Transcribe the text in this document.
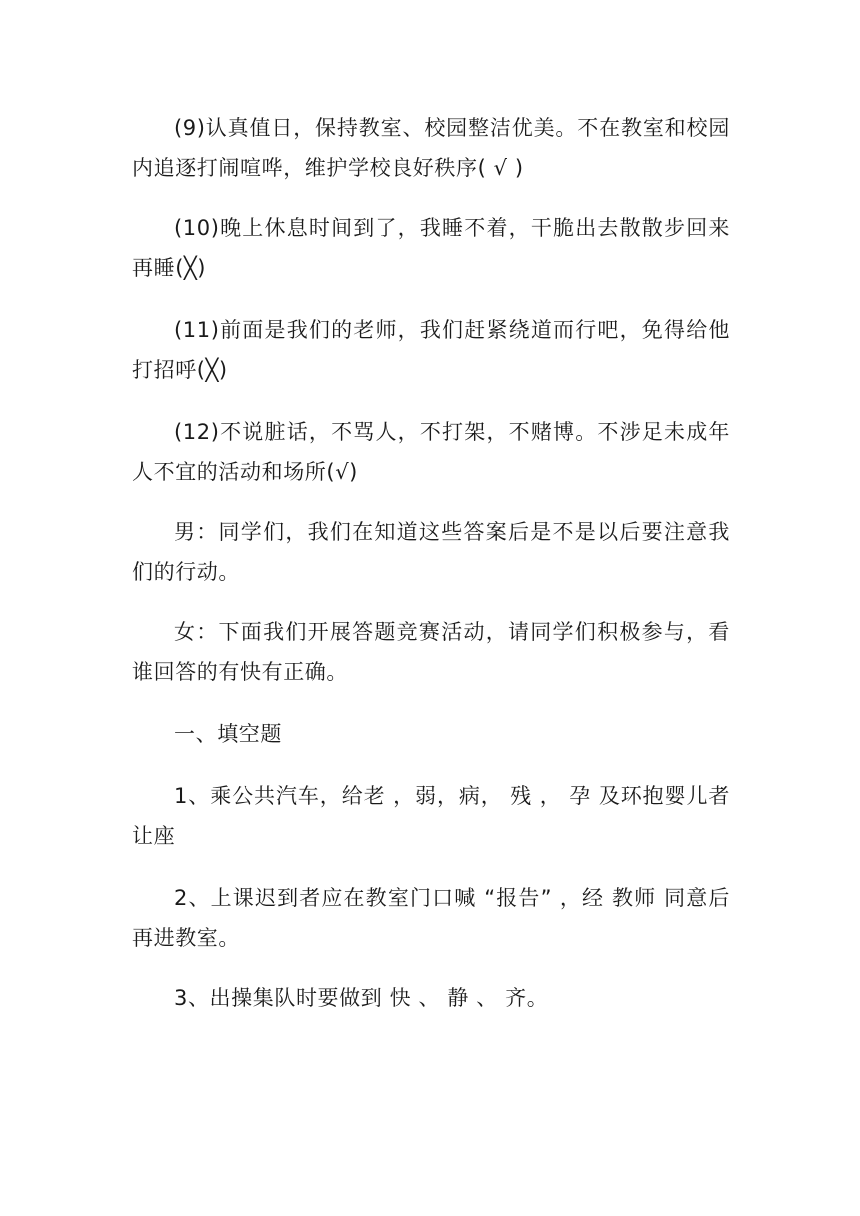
(9)认真值日，保持教室、校园整洁优美。不在教室和校园内追逐打闹喧哗，维护学校良好秩序( √ )

(10)晚上休息时间到了，我睡不着，干脆出去散散步回来再睡(╳)

(11)前面是我们的老师，我们赶紧绕道而行吧，免得给他打招呼(╳)

(12)不说脏话，不骂人，不打架，不赌博。不涉足未成年人不宜的活动和场所(√)

男：同学们，我们在知道这些答案后是不是以后要注意我们的行动。

女：下面我们开展答题竞赛活动，请同学们积极参与，看谁回答的有快有正确。

一、填空题

1、乘公共汽车，给老 ，弱，病， 残 ， 孕 及环抱婴儿者让座

2、上课迟到者应在教室门口喊 “报告” ，经 教师 同意后再进教室。

3、出操集队时要做到 快 、 静 、 齐。
